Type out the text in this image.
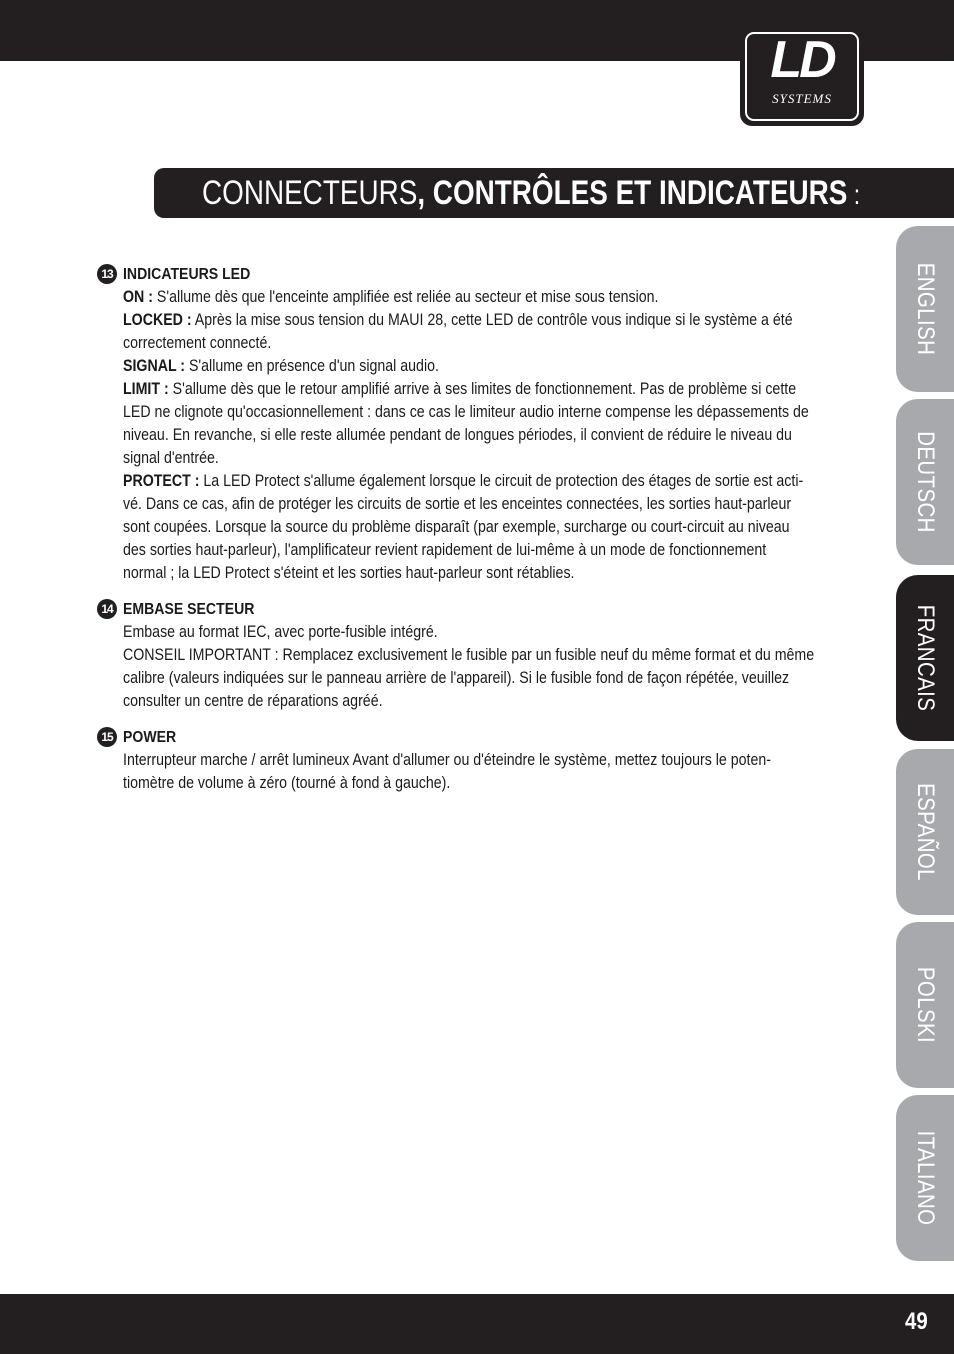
LD
SYSTEMS
CONNECTEURS, CONTRÔLES ET INDICATEURS :
ENGLISH
DEUTSCH
FRANCAIS
ESPAÑOL
POLSKI
ITALIANO
13 INDICATEURS LED
ON : S'allume dès que l'enceinte amplifiée est reliée au secteur et mise sous tension.
LOCKED : Après la mise sous tension du MAUI 28, cette LED de contrôle vous indique si le système a été
correctement connecté.
SIGNAL : S'allume en présence d'un signal audio.
LIMIT : S'allume dès que le retour amplifié arrive à ses limites de fonctionnement. Pas de problème si cette
LED ne clignote qu'occasionnellement : dans ce cas le limiteur audio interne compense les dépassements de
niveau. En revanche, si elle reste allumée pendant de longues périodes, il convient de réduire le niveau du
signal d'entrée.
PROTECT : La LED Protect s'allume également lorsque le circuit de protection des étages de sortie est acti-
vé. Dans ce cas, afin de protéger les circuits de sortie et les enceintes connectées, les sorties haut-parleur
sont coupées. Lorsque la source du problème disparaît (par exemple, surcharge ou court-circuit au niveau
des sorties haut-parleur), l'amplificateur revient rapidement de lui-même à un mode de fonctionnement
normal ; la LED Protect s'éteint et les sorties haut-parleur sont rétablies.
14 EMBASE SECTEUR
Embase au format IEC, avec porte-fusible intégré.
CONSEIL IMPORTANT : Remplacez exclusivement le fusible par un fusible neuf du même format et du même
calibre (valeurs indiquées sur le panneau arrière de l'appareil). Si le fusible fond de façon répétée, veuillez
consulter un centre de réparations agréé.
15 POWER
Interrupteur marche / arrêt lumineux Avant d'allumer ou d'éteindre le système, mettez toujours le poten-
tiomètre de volume à zéro (tourné à fond à gauche).
49
